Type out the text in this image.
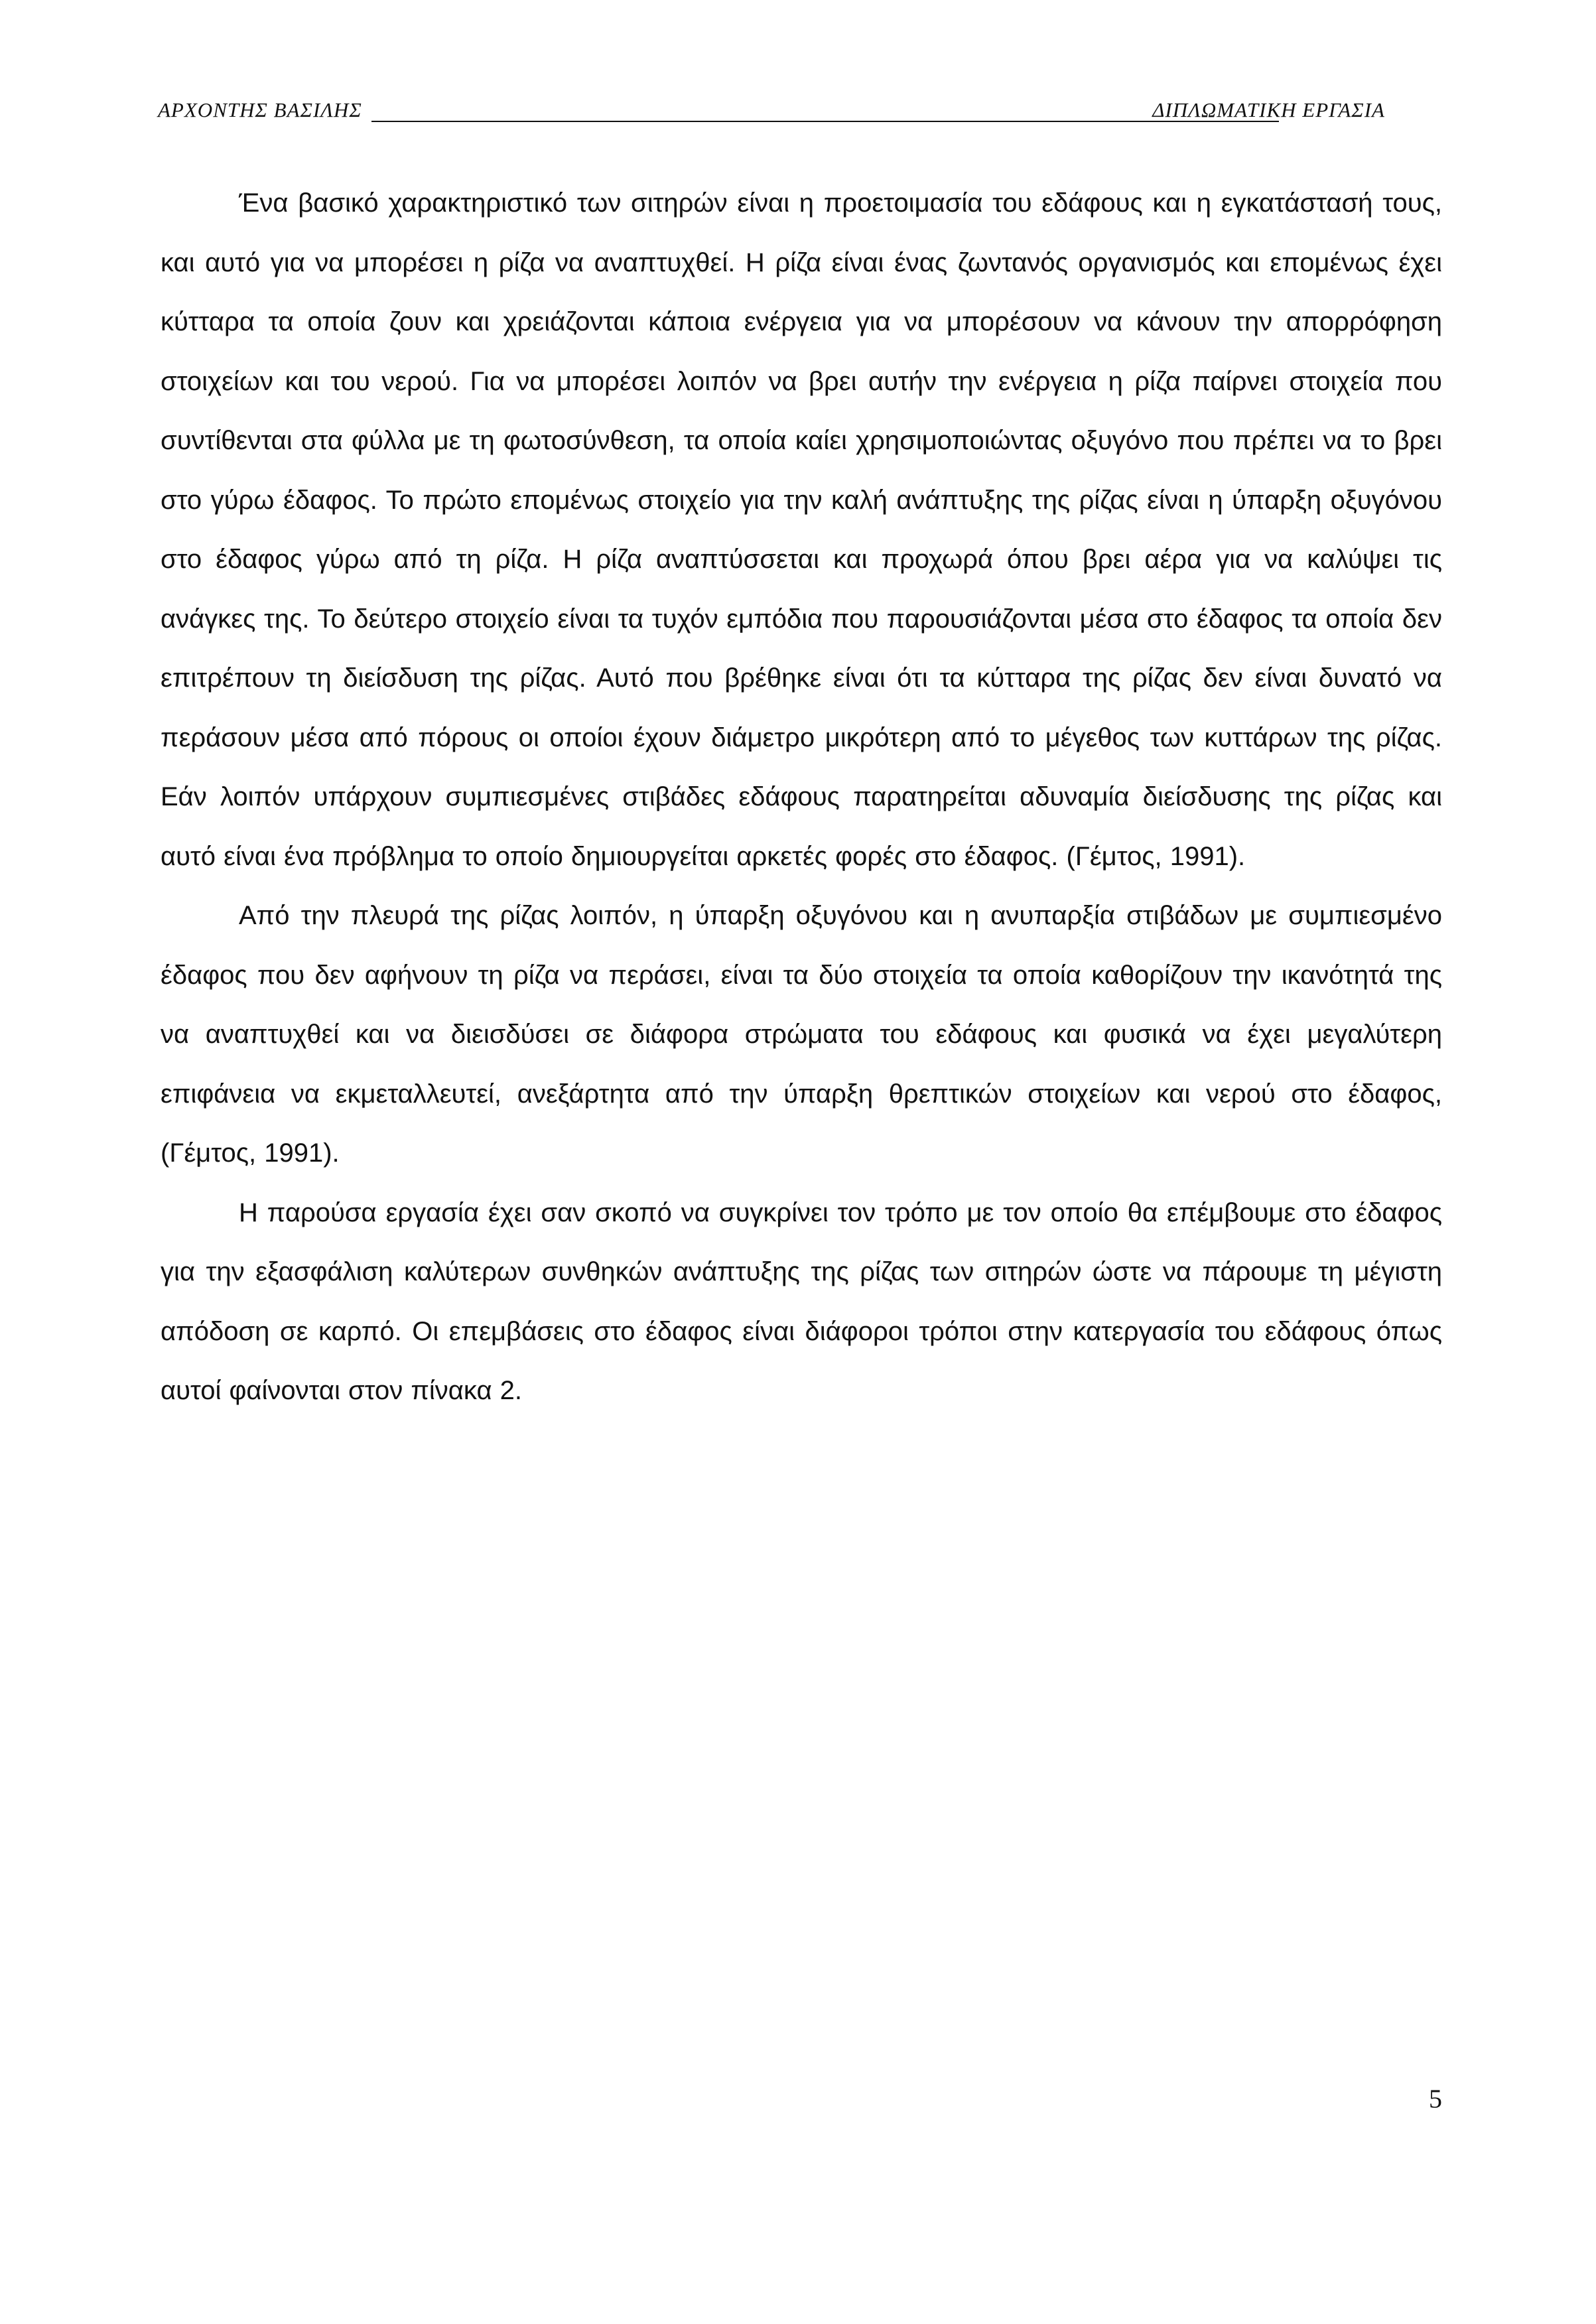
ΑΡΧΟΝΤΗΣ ΒΑΣΙΛΗΣ	ΔΙΠΛΩΜΑΤΙΚΗ ΕΡΓΑΣΙΑ

Ένα βασικό χαρακτηριστικό των σιτηρών είναι η προετοιμασία του εδάφους και η εγκατάστασή τους, και αυτό για να μπορέσει η ρίζα να αναπτυχθεί. Η ρίζα είναι ένας ζωντανός οργανισμός και επομένως έχει κύτταρα τα οποία ζουν και χρειάζονται κάποια ενέργεια για να μπορέσουν να κάνουν την απορρόφηση στοιχείων και του νερού. Για να μπορέσει λοιπόν να βρει αυτήν την ενέργεια η ρίζα παίρνει στοιχεία που συντίθενται στα φύλλα με τη φωτοσύνθεση, τα οποία καίει χρησιμοποιώντας οξυγόνο που πρέπει να το βρει στο γύρω έδαφος. Το πρώτο επομένως στοιχείο για την καλή ανάπτυξης της ρίζας είναι η ύπαρξη οξυγόνου στο έδαφος γύρω από τη ρίζα. Η ρίζα αναπτύσσεται και προχωρά όπου βρει αέρα για να καλύψει τις ανάγκες της. Το δεύτερο στοιχείο είναι τα τυχόν εμπόδια που παρουσιάζονται μέσα στο έδαφος τα οποία δεν επιτρέπουν τη διείσδυση της ρίζας. Αυτό που βρέθηκε είναι ότι τα κύτταρα της ρίζας δεν είναι δυνατό να περάσουν μέσα από πόρους οι οποίοι έχουν διάμετρο μικρότερη από το μέγεθος των κυττάρων της ρίζας. Εάν λοιπόν υπάρχουν συμπιεσμένες στιβάδες εδάφους παρατηρείται αδυναμία διείσδυσης της ρίζας και αυτό είναι ένα πρόβλημα το οποίο δημιουργείται αρκετές φορές στο έδαφος. (Γέμτος, 1991).

Από την πλευρά της ρίζας λοιπόν, η ύπαρξη οξυγόνου και η ανυπαρξία στιβάδων με συμπιεσμένο έδαφος που δεν αφήνουν τη ρίζα να περάσει, είναι τα δύο στοιχεία τα οποία καθορίζουν την ικανότητά της να αναπτυχθεί και να διεισδύσει σε διάφορα στρώματα του εδάφους και φυσικά να έχει μεγαλύτερη επιφάνεια να εκμεταλλευτεί, ανεξάρτητα από την ύπαρξη θρεπτικών στοιχείων και νερού στο έδαφος, (Γέμτος, 1991).

Η παρούσα εργασία έχει σαν σκοπό να συγκρίνει τον τρόπο με τον οποίο θα επέμβουμε στο έδαφος για την εξασφάλιση καλύτερων συνθηκών ανάπτυξης της ρίζας των σιτηρών ώστε να πάρουμε τη μέγιστη απόδοση σε καρπό. Οι επεμβάσεις στο έδαφος είναι διάφοροι τρόποι στην κατεργασία του εδάφους όπως αυτοί φαίνονται στον πίνακα 2.

5
